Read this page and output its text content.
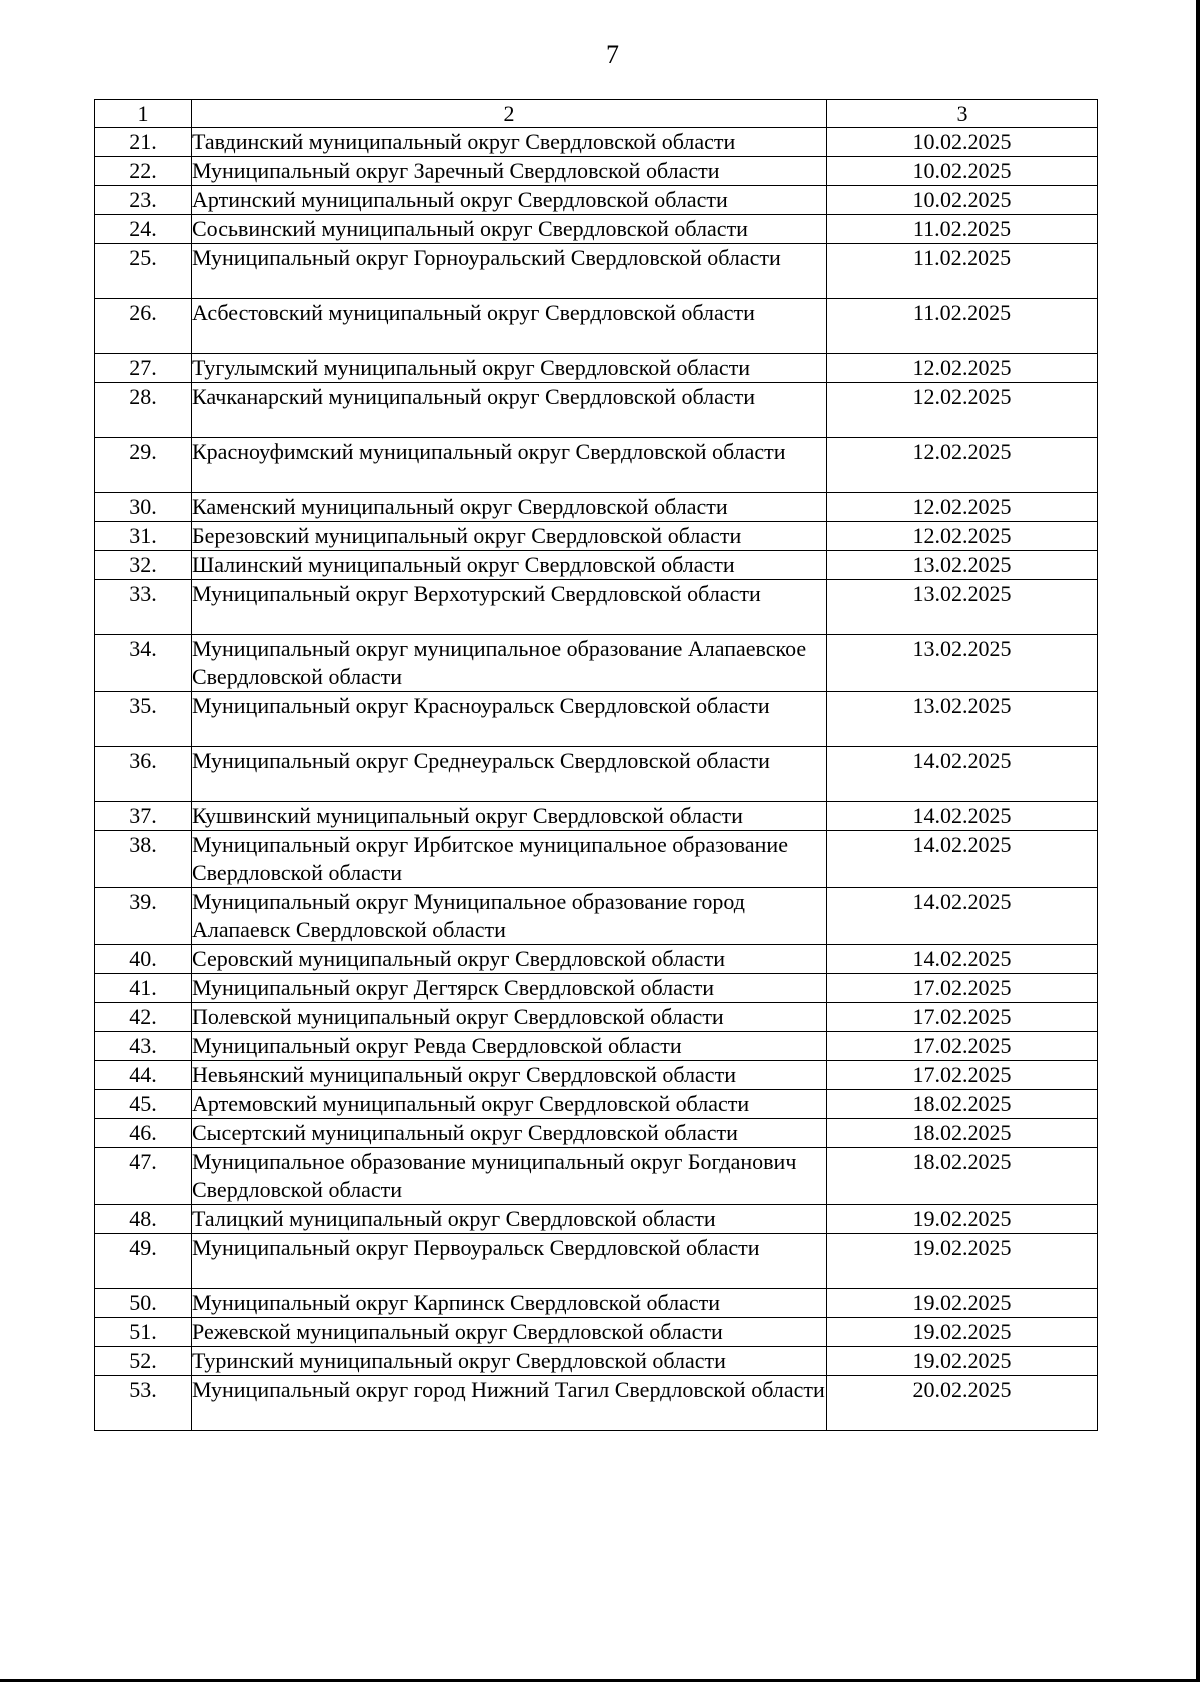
7
1	2	3
21.	Тавдинский муниципальный округ Свердловской области	10.02.2025
22.	Муниципальный округ Заречный Свердловской области	10.02.2025
23.	Артинский муниципальный округ Свердловской области	10.02.2025
24.	Сосьвинский муниципальный округ Свердловской области	11.02.2025
25.	Муниципальный округ Горноуральский Свердловской области	11.02.2025
26.	Асбестовский муниципальный округ Свердловской области	11.02.2025
27.	Тугулымский муниципальный округ Свердловской области	12.02.2025
28.	Качканарский муниципальный округ Свердловской области	12.02.2025
29.	Красноуфимский муниципальный округ Свердловской области	12.02.2025
30.	Каменский муниципальный округ Свердловской области	12.02.2025
31.	Березовский муниципальный округ Свердловской области	12.02.2025
32.	Шалинский муниципальный округ Свердловской области	13.02.2025
33.	Муниципальный округ Верхотурский Свердловской области	13.02.2025
34.	Муниципальный округ муниципальное образование Алапаевское Свердловской области	13.02.2025
35.	Муниципальный округ Красноуральск Свердловской области	13.02.2025
36.	Муниципальный округ Среднеуральск Свердловской области	14.02.2025
37.	Кушвинский муниципальный округ Свердловской области	14.02.2025
38.	Муниципальный округ Ирбитское муниципальное образование Свердловской области	14.02.2025
39.	Муниципальный округ Муниципальное образование город Алапаевск Свердловской области	14.02.2025
40.	Серовский муниципальный округ Свердловской области	14.02.2025
41.	Муниципальный округ Дегтярск Свердловской области	17.02.2025
42.	Полевской муниципальный округ Свердловской области	17.02.2025
43.	Муниципальный округ Ревда Свердловской области	17.02.2025
44.	Невьянский муниципальный округ Свердловской области	17.02.2025
45.	Артемовский муниципальный округ Свердловской области	18.02.2025
46.	Сысертский муниципальный округ Свердловской области	18.02.2025
47.	Муниципальное образование муниципальный округ Богданович Свердловской области	18.02.2025
48.	Талицкий муниципальный округ Свердловской области	19.02.2025
49.	Муниципальный округ Первоуральск Свердловской области	19.02.2025
50.	Муниципальный округ Карпинск Свердловской области	19.02.2025
51.	Режевской муниципальный округ Свердловской области	19.02.2025
52.	Туринский муниципальный округ Свердловской области	19.02.2025
53.	Муниципальный округ город Нижний Тагил Свердловской области	20.02.2025
